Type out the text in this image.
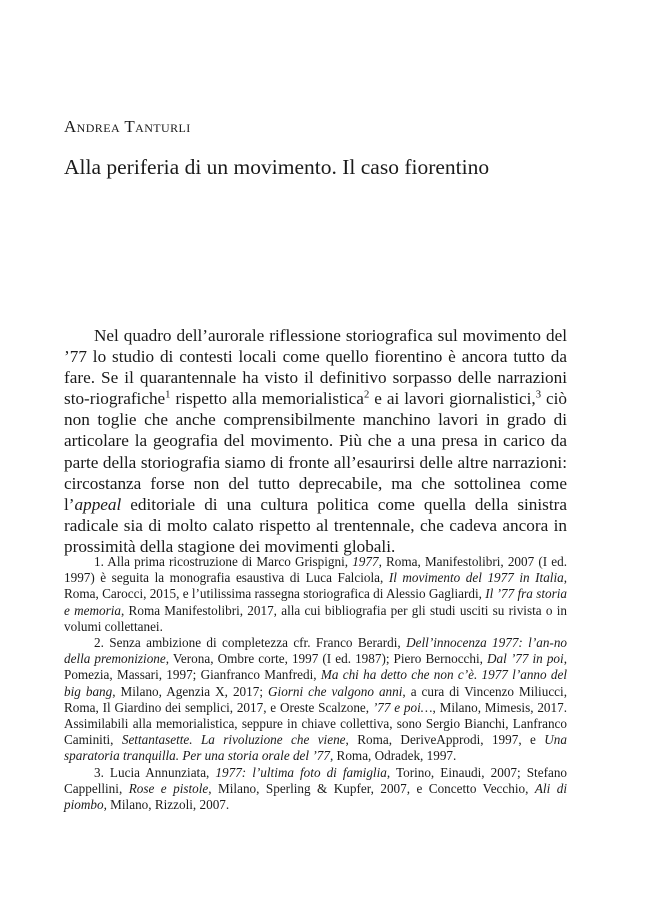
Andrea Tanturli
Alla periferia di un movimento. Il caso fiorentino

Nel quadro dell’aurorale riflessione storiografica sul movimento del ’77 lo studio di contesti locali come quello fiorentino è ancora tutto da fare. Se il quarantennale ha visto il definitivo sorpasso delle narrazioni sto-riografiche$^1$ rispetto alla memorialistica$^2$ e ai lavori giornalistici,$^3$ ciò non toglie che anche comprensibilmente manchino lavori in grado di articolare la geografia del movimento. Più che a una presa in carico da parte della storiografia siamo di fronte all’esaurirsi delle altre narrazioni: circostanza forse non del tutto deprecabile, ma che sottolinea come l’appeal editoriale di una cultura politica come quella della sinistra radicale sia di molto calato rispetto al trentennale, che cadeva ancora in prossimità della stagione dei movimenti globali.

1. Alla prima ricostruzione di Marco Grispigni, 1977, Roma, Manifestolibri, 2007 (I ed. 1997) è seguita la monografia esaustiva di Luca Falciola, Il movimento del 1977 in Italia, Roma, Carocci, 2015, e l’utilissima rassegna storiografica di Alessio Gagliardi, Il ’77 fra storia e memoria, Roma Manifestolibri, 2017, alla cui bibliografia per gli studi usciti su rivista o in volumi collettanei.

2. Senza ambizione di completezza cfr. Franco Berardi, Dell’innocenza 1977: l’an-no della premonizione, Verona, Ombre corte, 1997 (I ed. 1987); Piero Bernocchi, Dal ’77 in poi, Pomezia, Massari, 1997; Gianfranco Manfredi, Ma chi ha detto che non c’è. 1977 l’anno del big bang, Milano, Agenzia X, 2017; Giorni che valgono anni, a cura di Vincenzo Miliucci, Roma, Il Giardino dei semplici, 2017, e Oreste Scalzone, ’77 e poi…, Milano, Mimesis, 2017. Assimilabili alla memorialistica, seppure in chiave collettiva, sono Sergio Bianchi, Lanfranco Caminiti, Settantasette. La rivoluzione che viene, Roma, DeriveApprodi, 1997, e Una sparatoria tranquilla. Per una storia orale del ’77, Roma, Odradek, 1997.

3. Lucia Annunziata, 1977: l’ultima foto di famiglia, Torino, Einaudi, 2007; Stefano Cappellini, Rose e pistole, Milano, Sperling & Kupfer, 2007, e Concetto Vecchio, Ali di piombo, Milano, Rizzoli, 2007.
